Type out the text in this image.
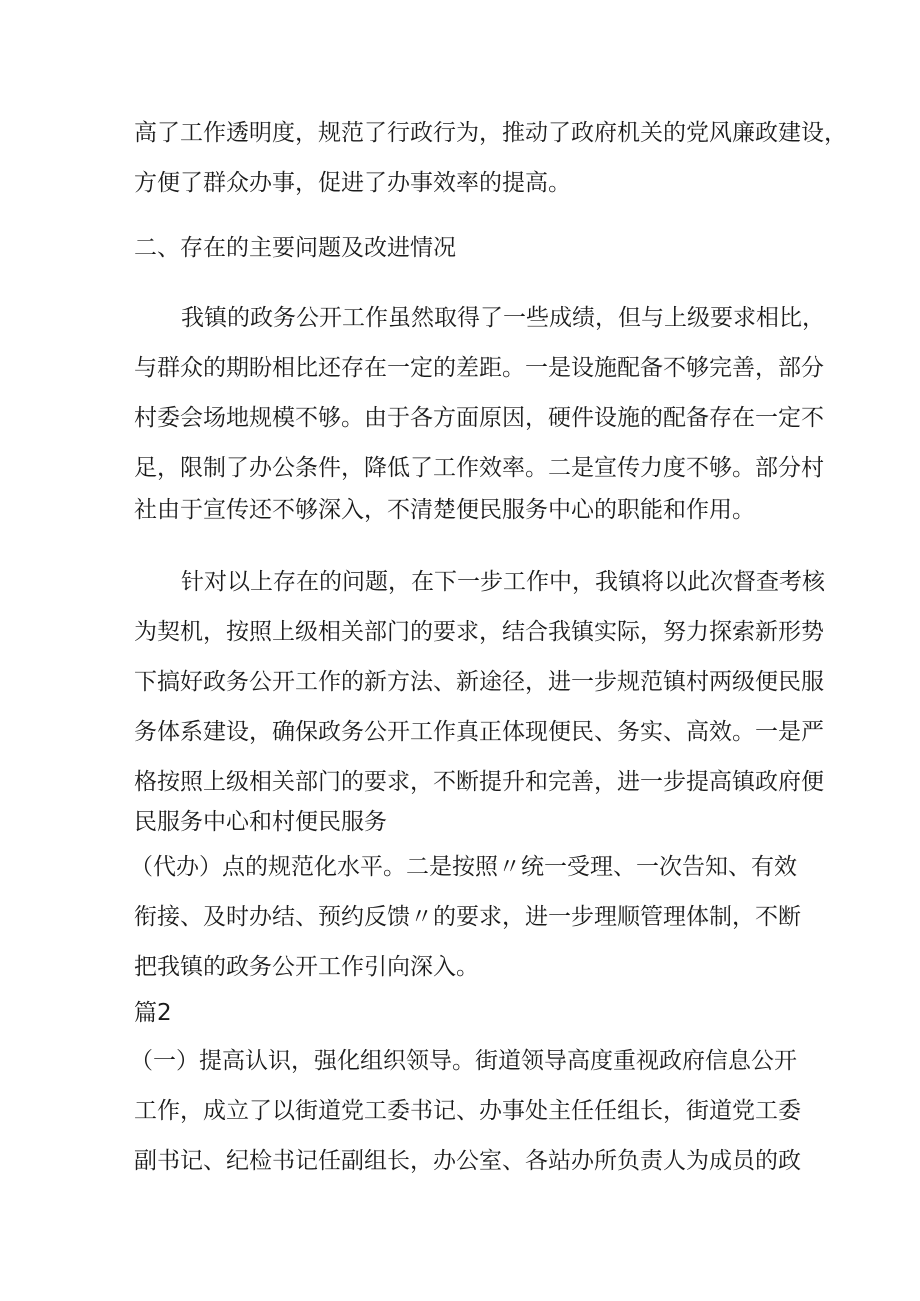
高了工作透明度，规范了行政行为，推动了政府机关的党风廉政建设，
方便了群众办事，促进了办事效率的提高。
二、存在的主要问题及改进情况
我镇的政务公开工作虽然取得了一些成绩，但与上级要求相比，
与群众的期盼相比还存在一定的差距。一是设施配备不够完善，部分
村委会场地规模不够。由于各方面原因，硬件设施的配备存在一定不
足，限制了办公条件，降低了工作效率。二是宣传力度不够。部分村
社由于宣传还不够深入，不清楚便民服务中心的职能和作用。
针对以上存在的问题，在下一步工作中，我镇将以此次督查考核
为契机，按照上级相关部门的要求，结合我镇实际，努力探索新形势
下搞好政务公开工作的新方法、新途径，进一步规范镇村两级便民服
务体系建设，确保政务公开工作真正体现便民、务实、高效。一是严
格按照上级相关部门的要求，不断提升和完善，进一步提高镇政府便
民服务中心和村便民服务
（代办）点的规范化水平。二是按照〃统一受理、一次告知、有效
衔接、及时办结、预约反馈〃的要求，进一步理顺管理体制，不断
把我镇的政务公开工作引向深入。
篇2
（一）提高认识，强化组织领导。街道领导高度重视政府信息公开
工作，成立了以街道党工委书记、办事处主任任组长，街道党工委
副书记、纪检书记任副组长，办公室、各站办所负责人为成员的政
